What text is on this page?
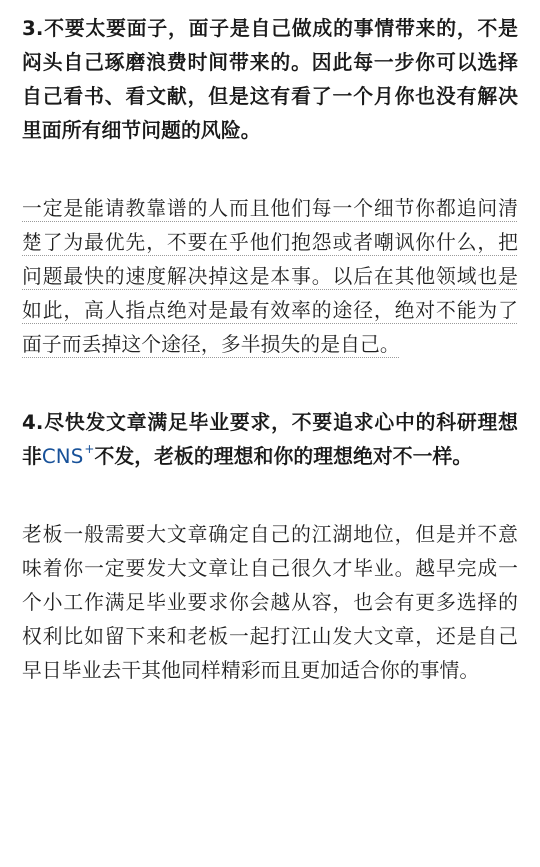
3.不要太要面子，面子是自己做成的事情带来的，不是闷头自己琢磨浪费时间带来的。因此每一步你可以选择自己看书、看文献，但是这有看了一个月你也没有解决里面所有细节问题的风险。

一定是能请教靠谱的人而且他们每一个细节你都追问清楚了为最优先，不要在乎他们抱怨或者嘲讽你什么，把问题最快的速度解决掉这是本事。以后在其他领域也是如此，高人指点绝对是最有效率的途径，绝对不能为了面子而丢掉这个途径，多半损失的是自己。

4.尽快发文章满足毕业要求，不要追求心中的科研理想非CNS+不发，老板的理想和你的理想绝对不一样。

老板一般需要大文章确定自己的江湖地位，但是并不意味着你一定要发大文章让自己很久才毕业。越早完成一个小工作满足毕业要求你会越从容，也会有更多选择的权利比如留下来和老板一起打江山发大文章，还是自己早日毕业去干其他同样精彩而且更加适合你的事情。
